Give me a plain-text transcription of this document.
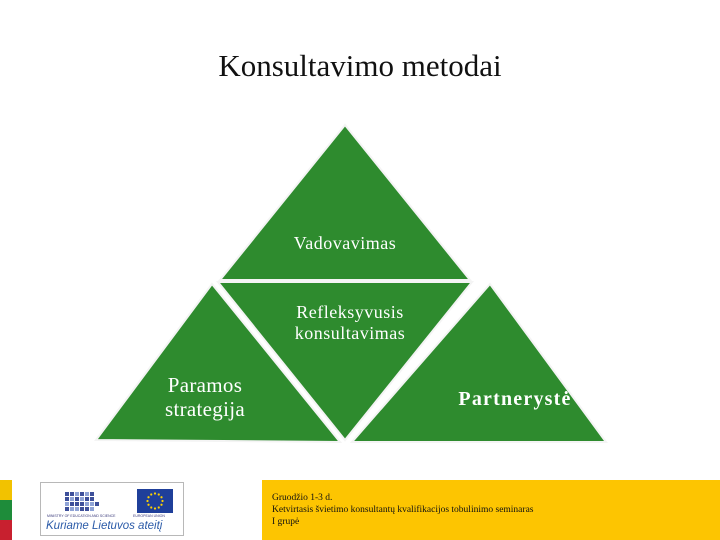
Konsultavimo metodai
Vadovavimas
Refleksyvusis
konsultavimas
Paramos
strategija	Partnerystė
MINISTRY OF EDUCATION AND SCIENCE	EUROPEAN UNION
Kuriame Lietuvos ateitį
Gruodžio 1-3 d.
Ketvirtasis švietimo konsultantų kvalifikacijos tobulinimo seminaras
I grupė
